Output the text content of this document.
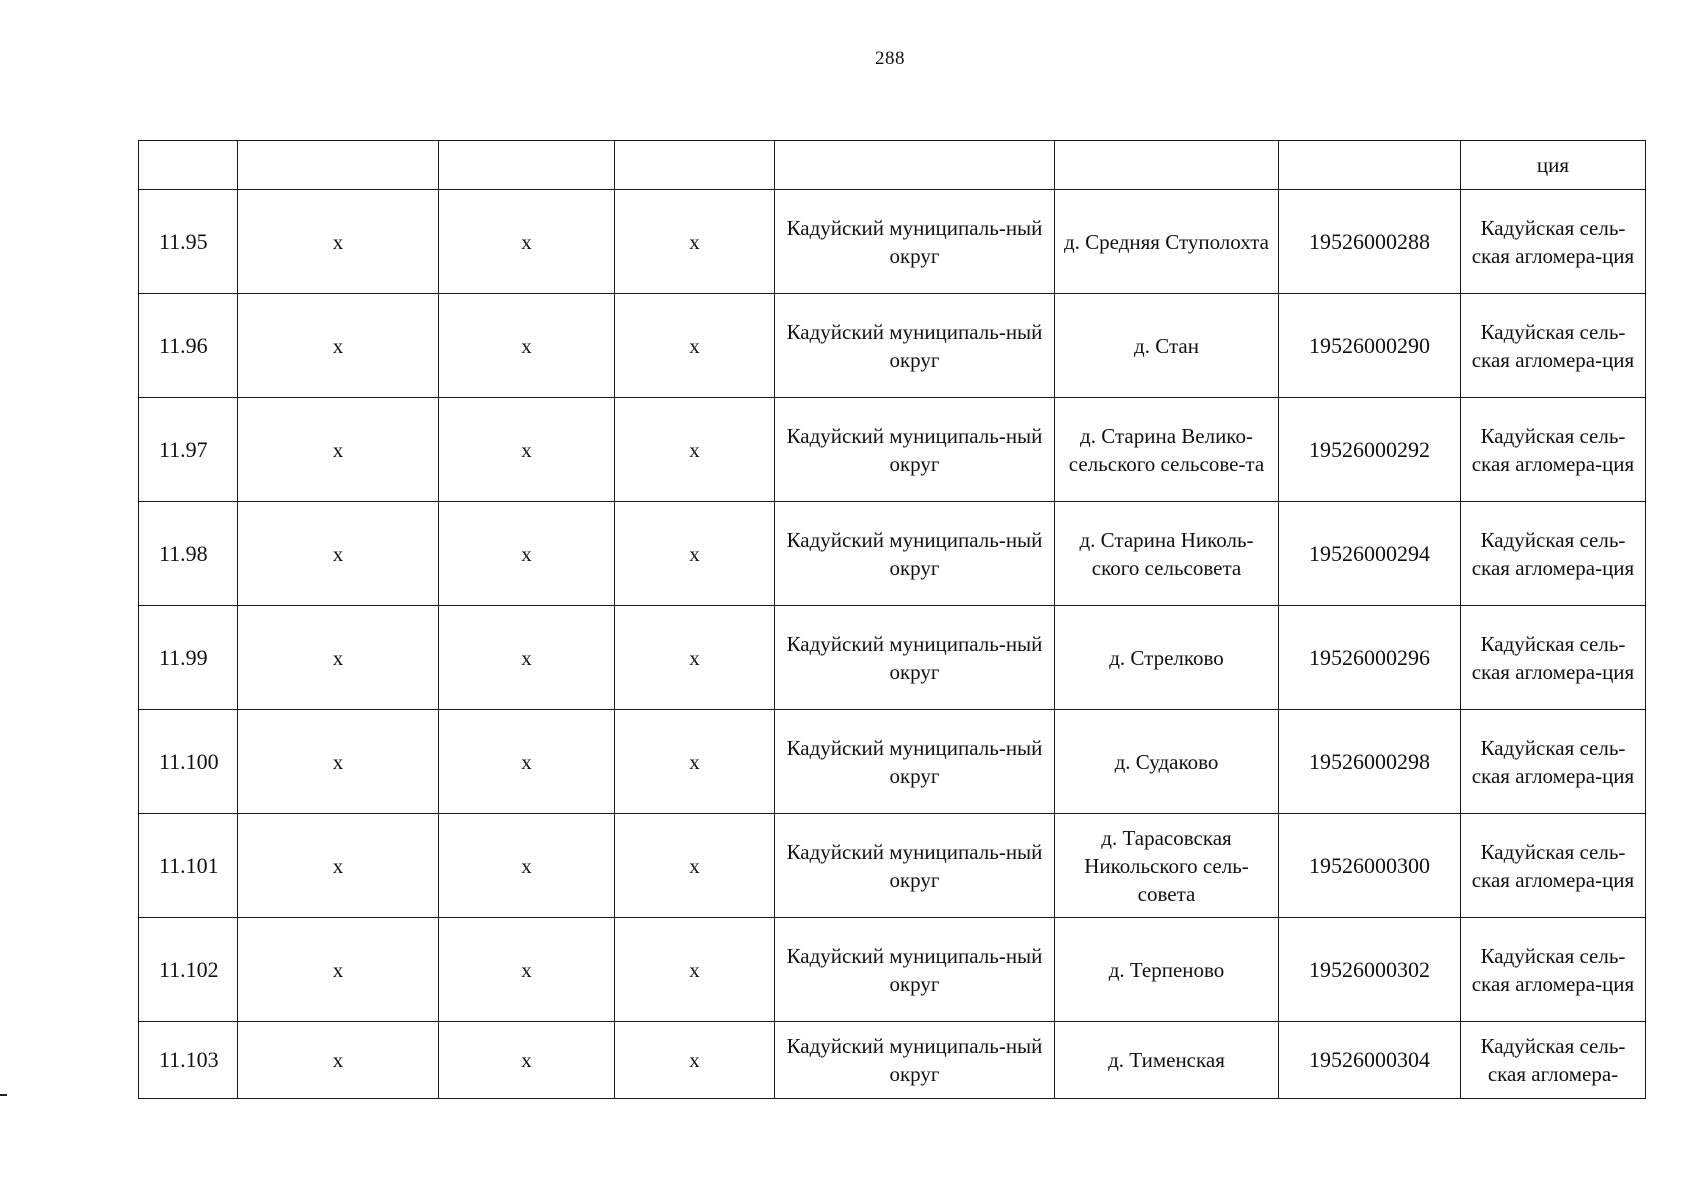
288
							ция
11.95	x	x	x	Кадуйский муниципаль-ный округ	д. Средняя Ступолохта	19526000288	Кадуйская сель-ская агломера-ция
11.96	x	x	x	Кадуйский муниципаль-ный округ	д. Стан	19526000290	Кадуйская сель-ская агломера-ция
11.97	x	x	x	Кадуйский муниципаль-ный округ	д. Старина Велико-сельского сельсове-та	19526000292	Кадуйская сель-ская агломера-ция
11.98	x	x	x	Кадуйский муниципаль-ный округ	д. Старина Николь-ского сельсовета	19526000294	Кадуйская сель-ская агломера-ция
11.99	x	x	x	Кадуйский муниципаль-ный округ	д. Стрелково	19526000296	Кадуйская сель-ская агломера-ция
11.100	x	x	x	Кадуйский муниципаль-ный округ	д. Судаково	19526000298	Кадуйская сель-ская агломера-ция
11.101	x	x	x	Кадуйский муниципаль-ный округ	д. Тарасовская Никольского сель-совета	19526000300	Кадуйская сель-ская агломера-ция
11.102	x	x	x	Кадуйский муниципаль-ный округ	д. Терпеново	19526000302	Кадуйская сель-ская агломера-ция
11.103	x	x	x	Кадуйский муниципаль-ный округ	д. Тименская	19526000304	Кадуйская сель-ская агломера-
